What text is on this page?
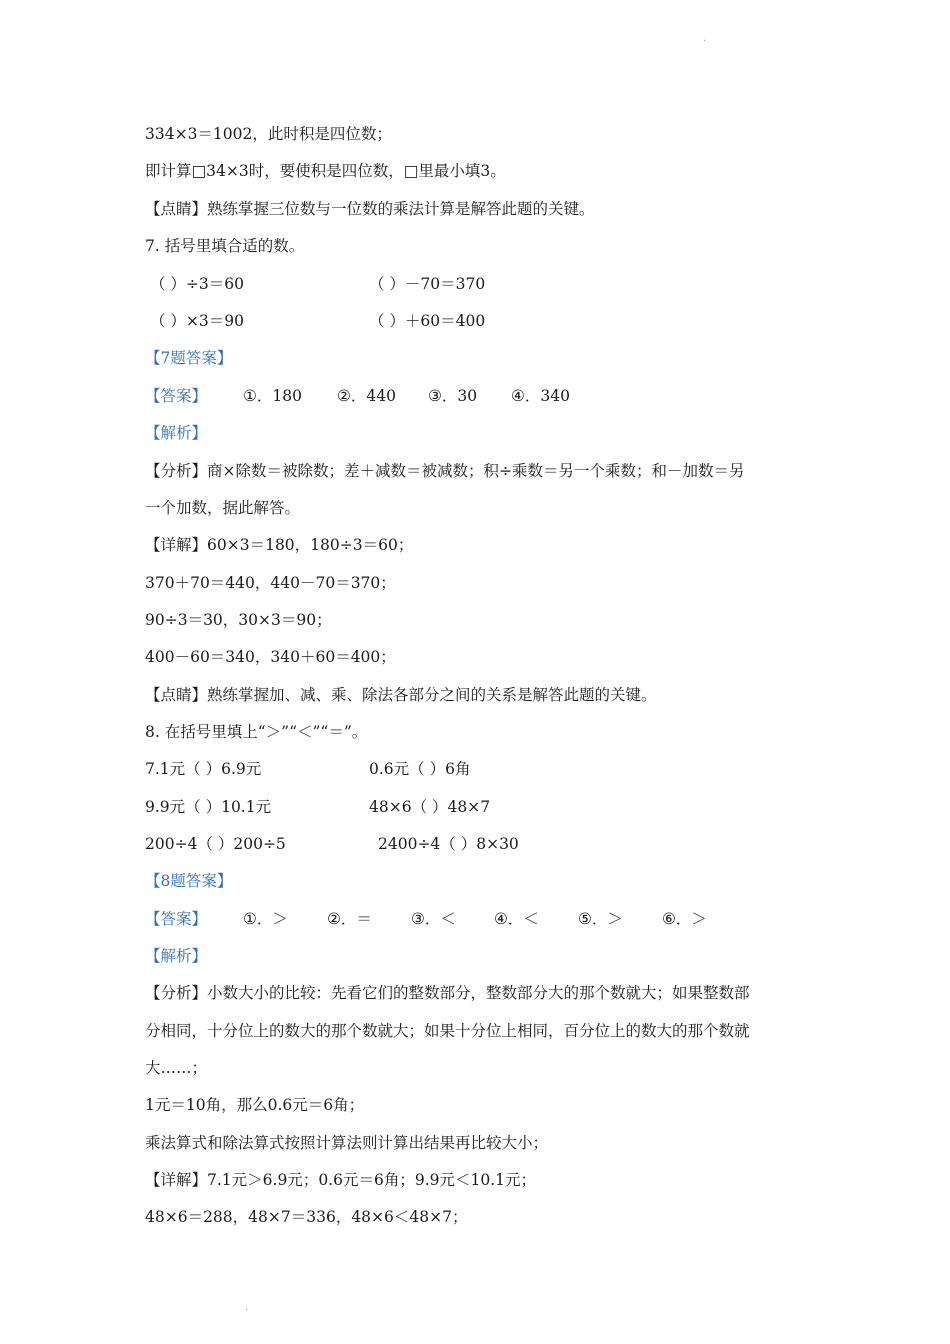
·
334×3＝1002，此时积是四位数；
即计算□34×3时，要使积是四位数，□里最小填3。
【点睛】熟练掌握三位数与一位数的乘法计算是解答此题的关键。
7. 括号里填合适的数。
（ ）÷3＝60	（ ）－70＝370
（ ）×3＝90	（ ）＋60＝400
【7题答案】
【答案】 ①．180 ②．440 ③．30 ④．340
【解析】
【分析】商×除数＝被除数；差＋减数＝被减数；积÷乘数＝另一个乘数；和－加数＝另
一个加数，据此解答。
【详解】60×3＝180，180÷3＝60；
370＋70＝440，440－70＝370；
90÷3＝30，30×3＝90；
400－60＝340，340＋60＝400；
【点睛】熟练掌握加、减、乘、除法各部分之间的关系是解答此题的关键。
8. 在括号里填上“＞”“＜”“＝”。
7.1元（ ）6.9元	0.6元（ ）6角
9.9元（ ）10.1元	48×6（ ）48×7
200÷4（ ）200÷5	2400÷4（ ）8×30
【8题答案】
【答案】 ①．＞	②．＝	③．＜ ④．＜	⑤．＞	⑥．＞
【解析】
【分析】小数大小的比较：先看它们的整数部分，整数部分大的那个数就大；如果整数部
分相同，十分位上的数大的那个数就大；如果十分位上相同，百分位上的数大的那个数就
大……；
1元＝10角，那么0.6元＝6角；
乘法算式和除法算式按照计算法则计算出结果再比较大小；
【详解】7.1元＞6.9元；0.6元＝6角；9.9元＜10.1元；
48×6＝288，48×7＝336，48×6＜48×7；
·
